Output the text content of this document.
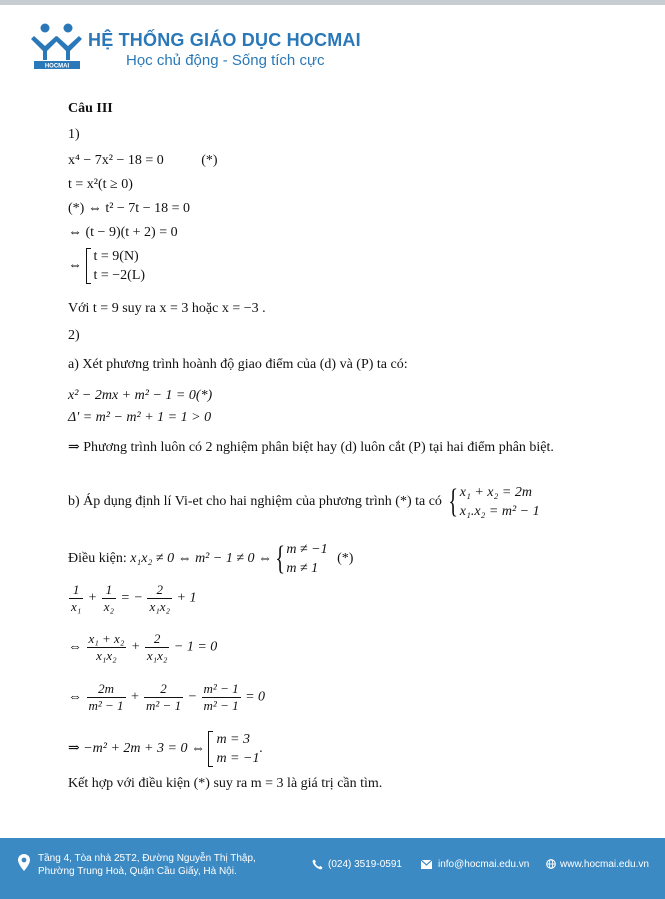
HOCMAI
HỆ THỐNG GIÁO DỤC HOCMAI
Học chủ động - Sống tích cực
Câu III
1)
x⁴ − 7x² − 18 = 0	(*)
t = x²(t ≥ 0)
(*) ⇔ t² − 7t − 18 = 0
⇔ (t − 9)(t + 2) = 0
⇔
t = 9(N)
t = −2(L)
Với t = 9 suy ra x = 3 hoặc x = −3 .
2)
a) Xét phương trình hoành độ giao điểm của (d) và (P) ta có:
x² − 2mx + m² − 1 = 0(*)
Δ' = m² − m² + 1 = 1 > 0
⇒ Phương trình luôn có 2 nghiệm phân biệt hay (d) luôn cắt (P) tại hai điểm phân biệt.
b) Áp dụng định lí Vi-et cho hai nghiệm của phương trình (*) ta có { x₁ + x₂ = 2m
x₁.x₂ = m² − 1
Điều kiện: x₁x₂ ≠ 0 ⇔ m² − 1 ≠ 0 ⇔{ m ≠ −1
m ≠ 1
(*)
$\frac{1}{\text{x₁}} + \frac{1}{\text{x₂}}$ = − $\frac{2}{\text{x₁x₂}} + 1$
⇔ $\frac{\text{x₁ + x₂}}{\text{x₁x₂}} + \frac{2}{\text{x₁x₂}} - 1 = 0$
⇔ $\frac{2m}{\text{m² − 1}} + \frac{2}{\text{m² − 1}} - \frac{\text{m² − 1}}{\text{m² − 1}} = 0$
⇒ −m² + 2m + 3 = 0 ⇔
m = 3
m = −1
.
Kết hợp với điều kiện (*) suy ra m = 3 là giá trị cần tìm.
Tầng 4, Tòa nhà 25T2, Đường Nguyễn Thị Thập,
Phường Trung Hoà, Quận Cầu Giấy, Hà Nội.
(024) 3519-0591	info@hocmai.edu.vn	www.hocmai.edu.vn
